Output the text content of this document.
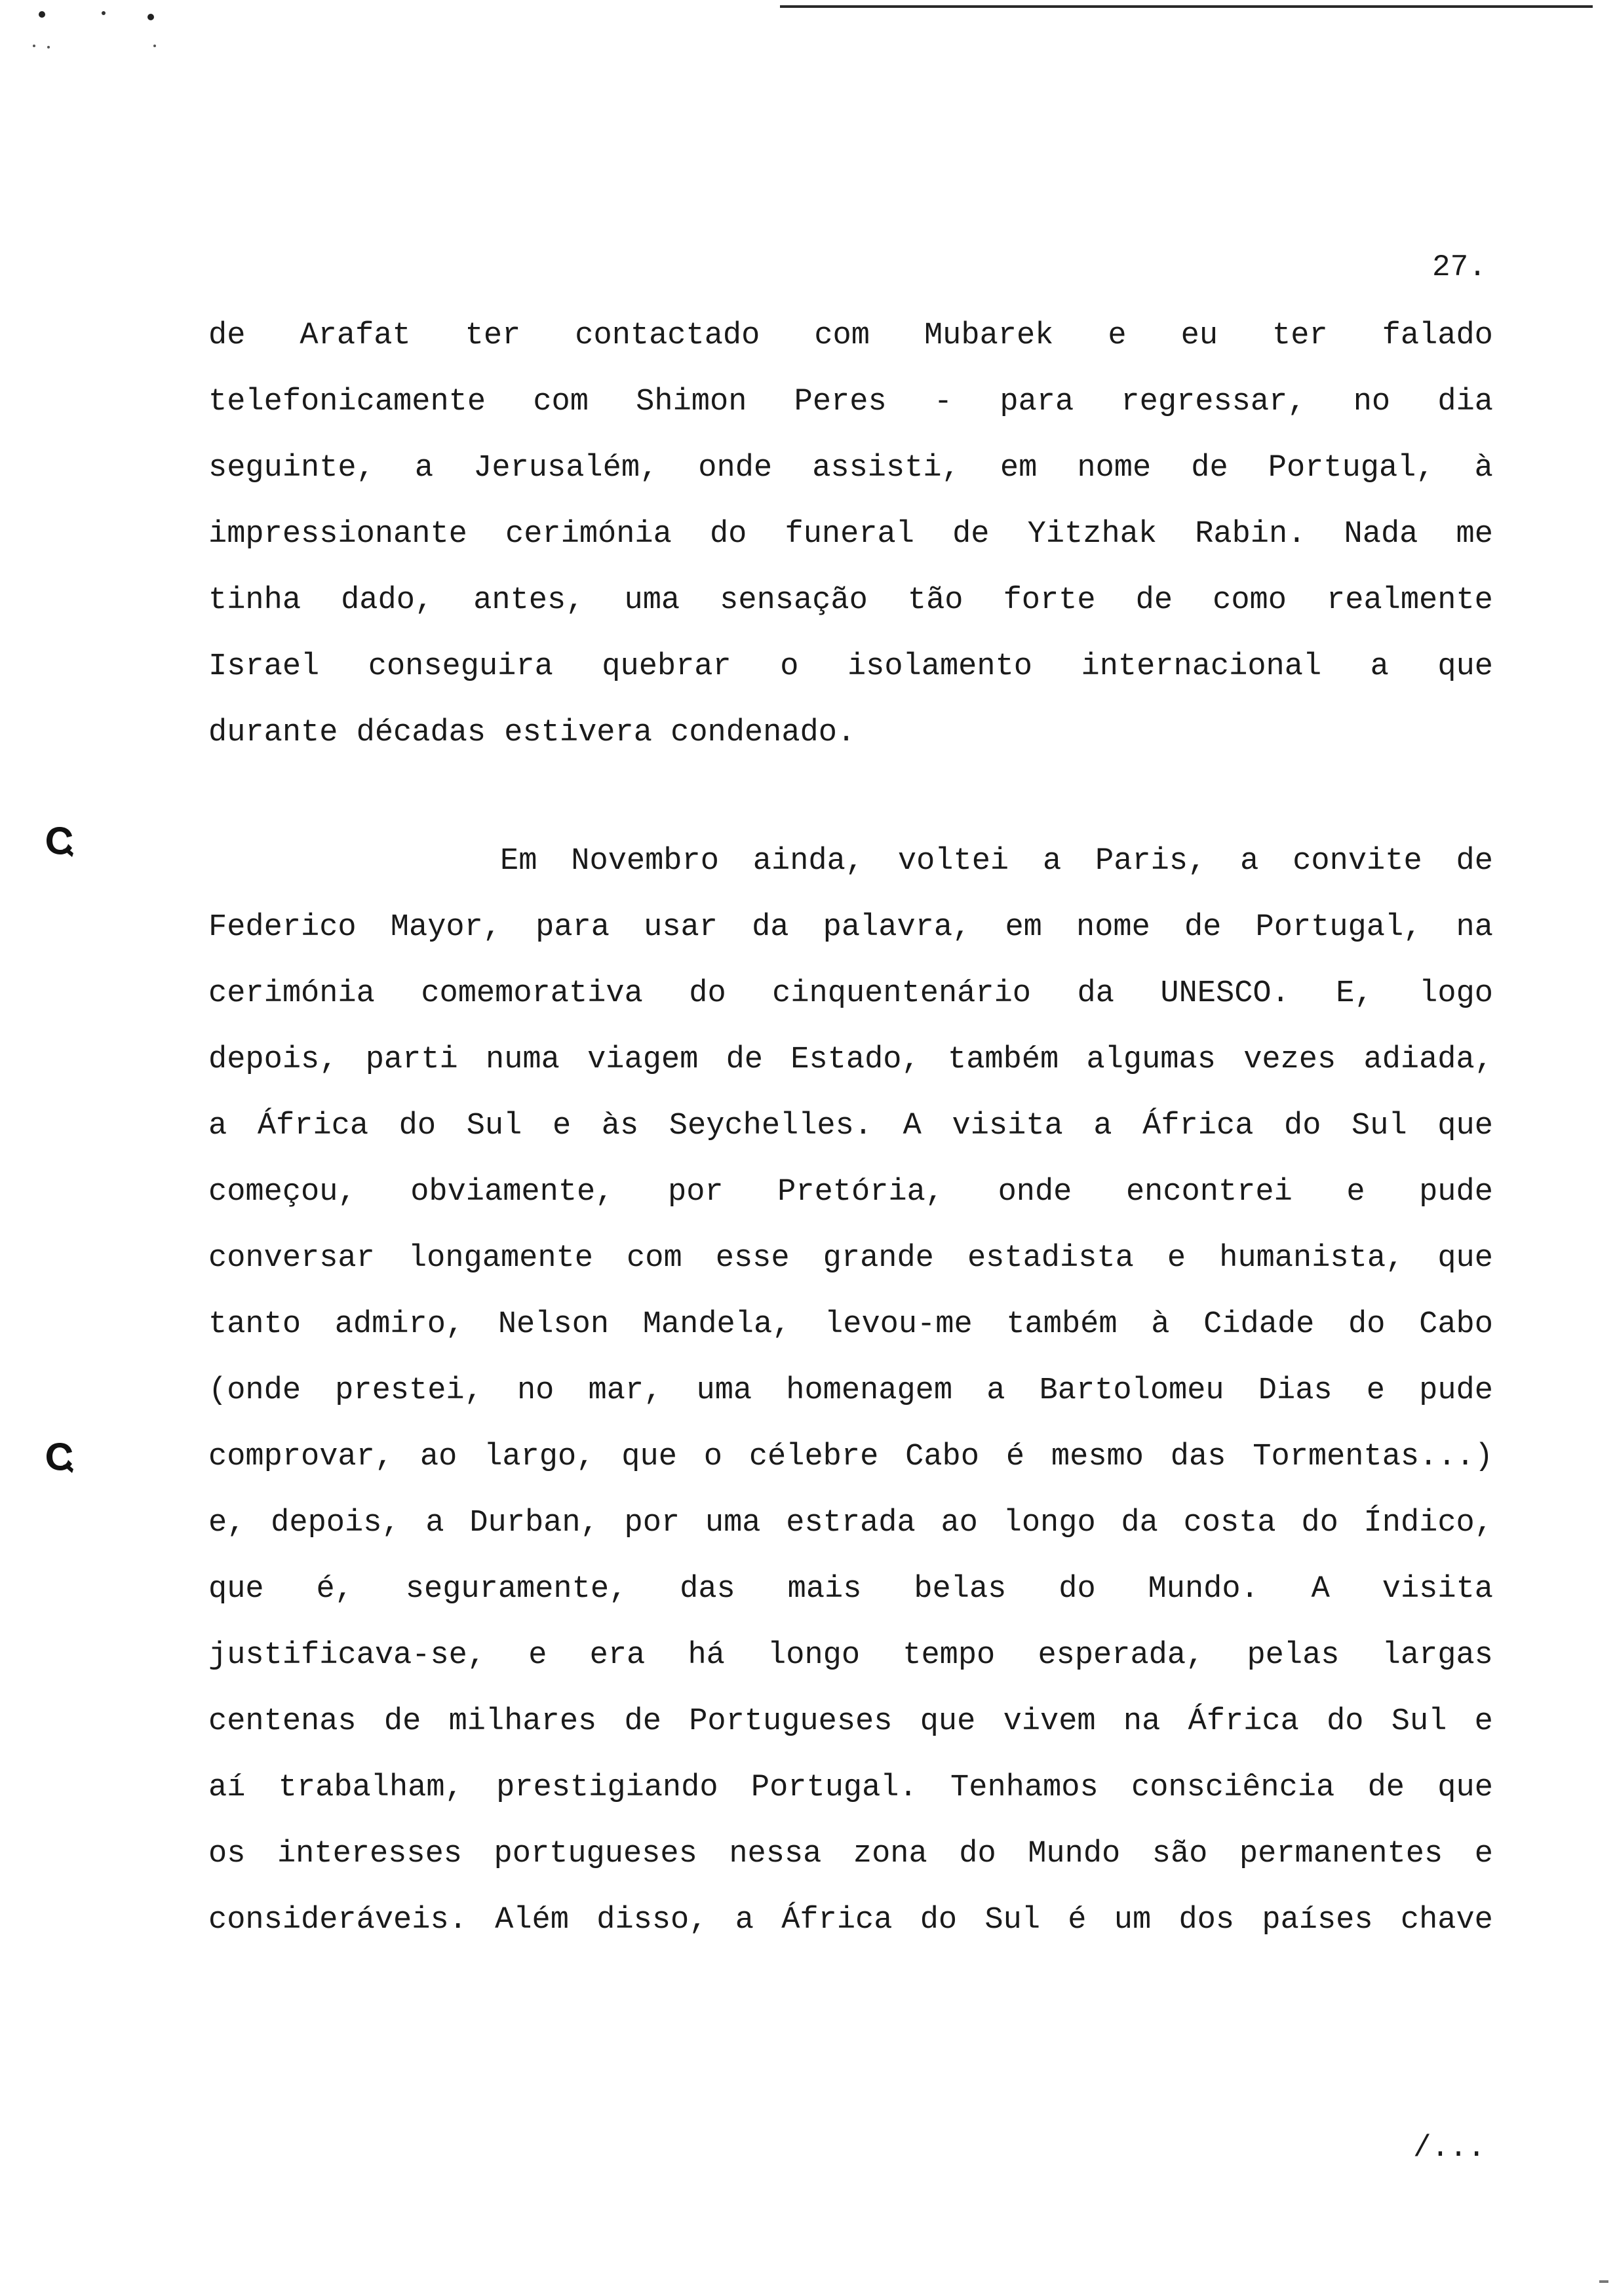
27.
de Arafat ter contactado com Mubarek e eu ter falado
telefonicamente com Shimon Peres - para regressar, no dia
seguinte, a Jerusalém, onde assisti, em nome de Portugal, à
impressionante cerimónia do funeral de Yitzhak Rabin. Nada me
tinha dado, antes, uma sensação tão forte de como realmente
Israel conseguira quebrar o isolamento internacional a que
durante décadas estivera condenado.
Em Novembro ainda, voltei a Paris, a convite de
Federico Mayor, para usar da palavra, em nome de Portugal, na
cerimónia comemorativa do cinquentenário da UNESCO. E, logo
depois, parti numa viagem de Estado, também algumas vezes adiada,
a África do Sul e às Seychelles. A visita a África do Sul que
começou, obviamente, por Pretória, onde encontrei e pude
conversar longamente com esse grande estadista e humanista, que
tanto admiro, Nelson Mandela, levou-me também à Cidade do Cabo
(onde prestei, no mar, uma homenagem a Bartolomeu Dias e pude
comprovar, ao largo, que o célebre Cabo é mesmo das Tormentas...)
e, depois, a Durban, por uma estrada ao longo da costa do Índico,
que é, seguramente, das mais belas do Mundo. A visita
justificava-se, e era há longo tempo esperada, pelas largas
centenas de milhares de Portugueses que vivem na África do Sul e
aí trabalham, prestigiando Portugal. Tenhamos consciência de que
os interesses portugueses nessa zona do Mundo são permanentes e
consideráveis. Além disso, a África do Sul é um dos países chave
/...
